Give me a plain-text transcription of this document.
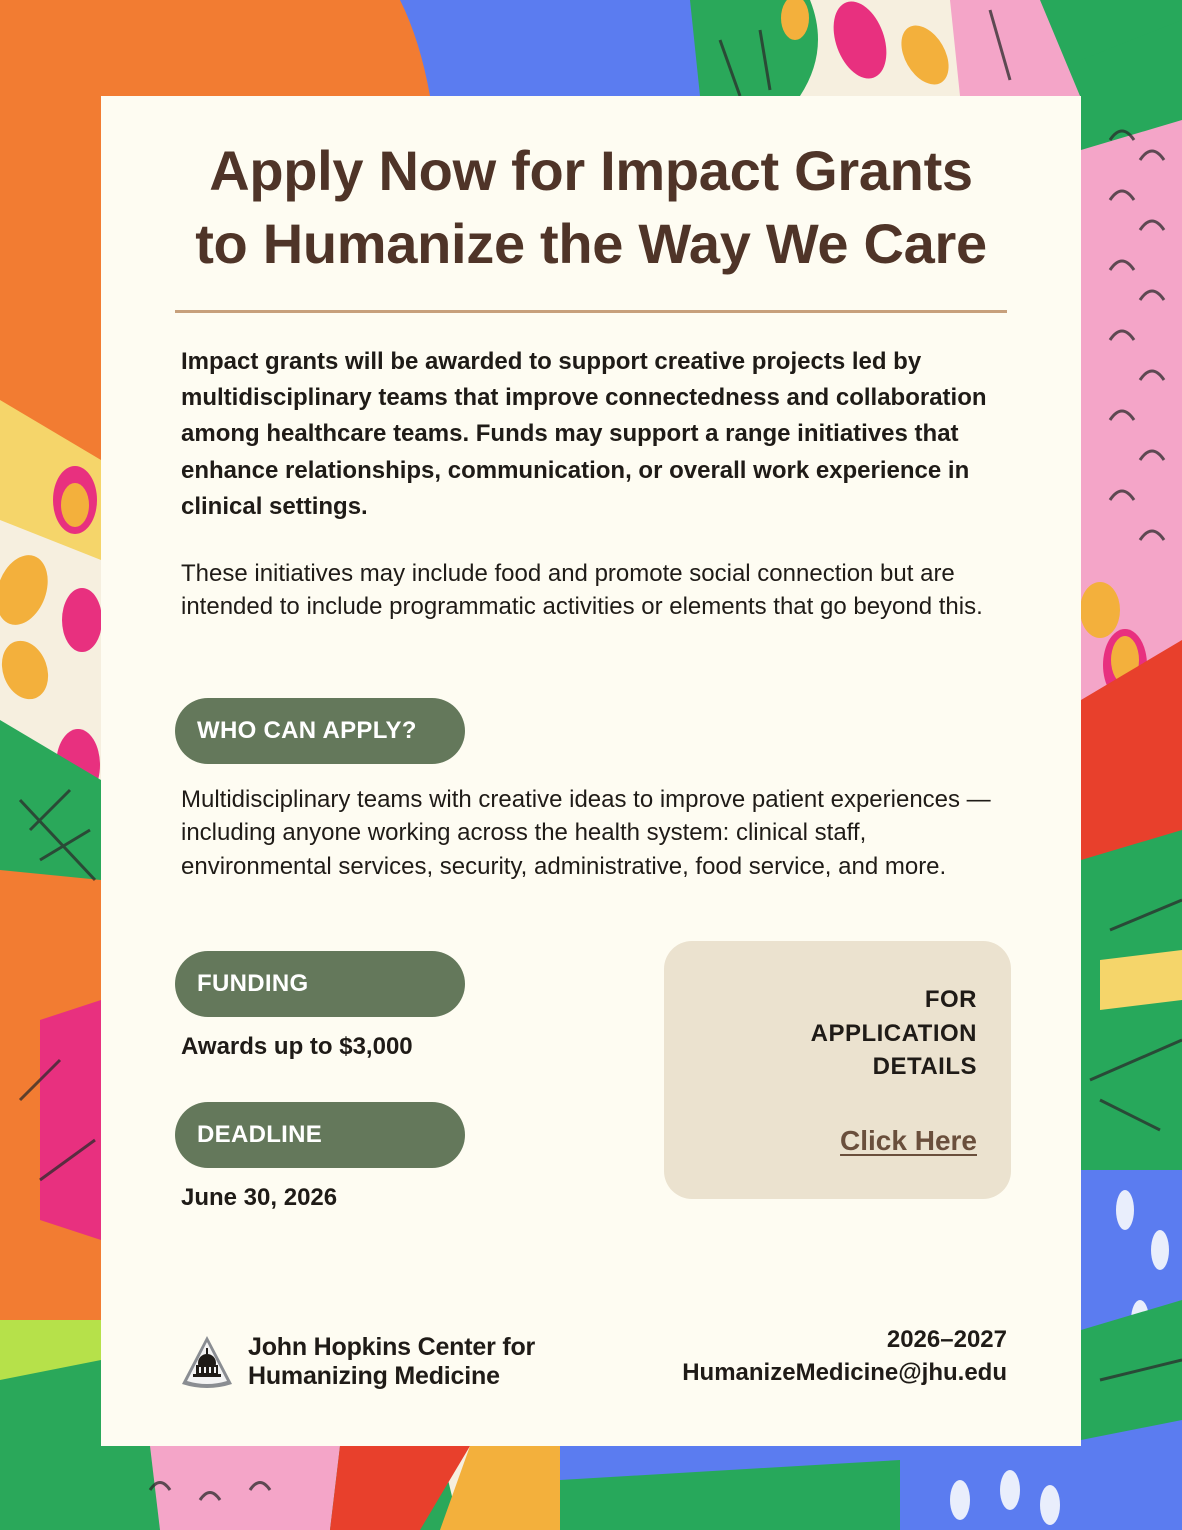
Apply Now for Impact Grants
to Humanize the Way We Care

Impact grants will be awarded to support creative projects led by multidisciplinary teams that improve connectedness and collaboration among healthcare teams. Funds may support a range initiatives that enhance relationships, communication, or overall work experience in clinical settings.

These initiatives may include food and promote social connection but are intended to include programmatic activities or elements that go beyond this.

WHO CAN APPLY?

Multidisciplinary teams with creative ideas to improve patient experiences — including anyone working across the health system: clinical staff, environmental services, security, administrative, food service, and more.

FUNDING
Awards up to $3,000
DEADLINE
June 30, 2026
FOR
APPLICATION
DETAILS
Click Here
John Hopkins Center for
Humanizing Medicine
2026–2027
HumanizeMedicine@jhu.edu
